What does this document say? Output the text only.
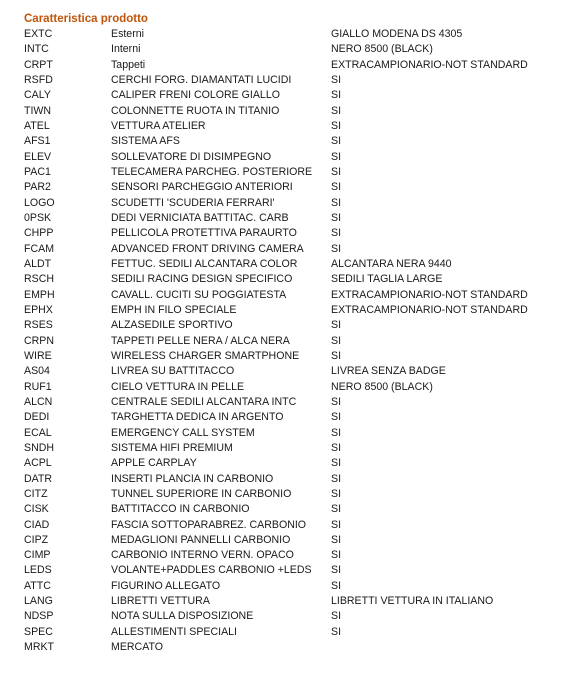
Caratteristica prodotto
EXTC	Esterni	GIALLO MODENA DS 4305
INTC	Interni	NERO 8500 (BLACK)
CRPT	Tappeti	EXTRACAMPIONARIO-NOT STANDARD
RSFD	CERCHI FORG. DIAMANTATI LUCIDI	SI
CALY	CALIPER FRENI COLORE GIALLO	SI
TIWN	COLONNETTE RUOTA IN TITANIO	SI
ATEL	VETTURA ATELIER	SI
AFS1	SISTEMA AFS	SI
ELEV	SOLLEVATORE DI DISIMPEGNO	SI
PAC1	TELECAMERA PARCHEG. POSTERIORE	SI
PAR2	SENSORI PARCHEGGIO ANTERIORI	SI
LOGO	SCUDETTI 'SCUDERIA FERRARI'	SI
0PSK	DEDI VERNICIATA BATTITAC. CARB	SI
CHPP	PELLICOLA PROTETTIVA PARAURTO	SI
FCAM	ADVANCED FRONT DRIVING CAMERA	SI
ALDT	FETTUC. SEDILI ALCANTARA COLOR	ALCANTARA NERA 9440
RSCH	SEDILI RACING DESIGN SPECIFICO	SEDILI TAGLIA LARGE
EMPH	CAVALL. CUCITI SU POGGIATESTA	EXTRACAMPIONARIO-NOT STANDARD
EPHX	EMPH IN FILO SPECIALE	EXTRACAMPIONARIO-NOT STANDARD
RSES	ALZASEDILE SPORTIVO	SI
CRPN	TAPPETI PELLE NERA / ALCA NERA	SI
WIRE	WIRELESS CHARGER SMARTPHONE	SI
AS04	LIVREA SU BATTITACCO	LIVREA SENZA BADGE
RUF1	CIELO VETTURA IN PELLE	NERO 8500 (BLACK)
ALCN	CENTRALE SEDILI ALCANTARA INTC	SI
DEDI	TARGHETTA DEDICA IN ARGENTO	SI
ECAL	EMERGENCY CALL SYSTEM	SI
SNDH	SISTEMA HIFI PREMIUM	SI
ACPL	APPLE CARPLAY	SI
DATR	INSERTI PLANCIA IN CARBONIO	SI
CITZ	TUNNEL SUPERIORE IN CARBONIO	SI
CISK	BATTITACCO IN CARBONIO	SI
CIAD	FASCIA SOTTOPARABREZ. CARBONIO	SI
CIPZ	MEDAGLIONI PANNELLI CARBONIO	SI
CIMP	CARBONIO INTERNO VERN. OPACO	SI
LEDS	VOLANTE+PADDLES CARBONIO +LEDS	SI
ATTC	FIGURINO ALLEGATO	SI
LANG	LIBRETTI VETTURA	LIBRETTI VETTURA IN ITALIANO
NDSP	NOTA SULLA DISPOSIZIONE	SI
SPEC	ALLESTIMENTI SPECIALI	SI
MRKT	MERCATO
